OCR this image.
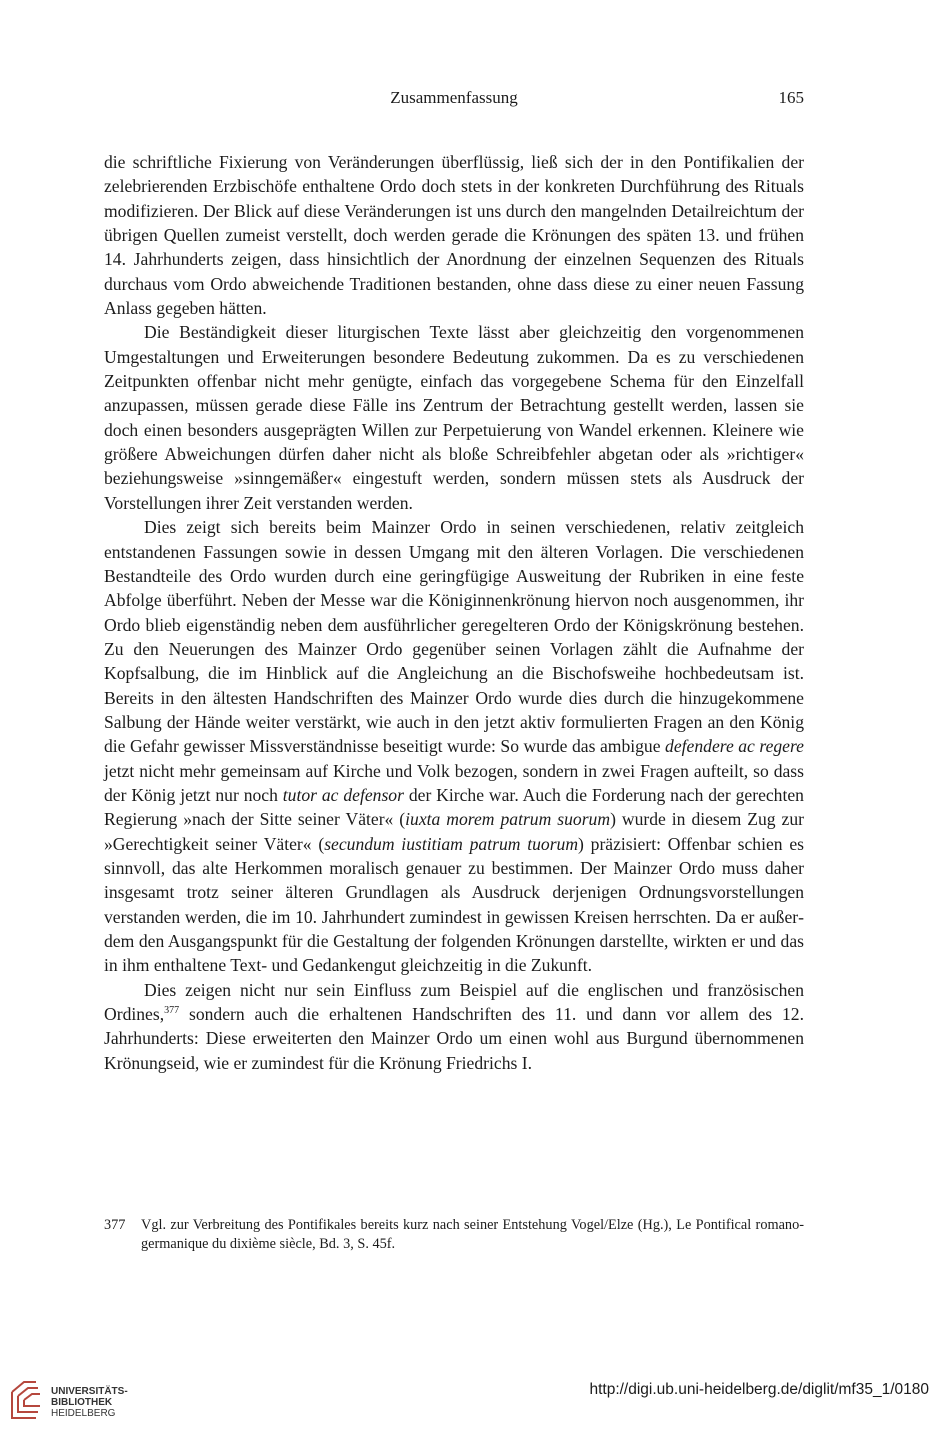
Zusammenfassung	165

die schriftliche Fixierung von Veränderungen überflüssig, ließ sich der in den Pontifikalien der zelebrierenden Erzbischöfe enthaltene Ordo doch stets in der konkreten Durchführung des Rituals modifizieren. Der Blick auf diese Veränderungen ist uns durch den mangelnden Detailreichtum der übrigen Quellen zumeist verstellt, doch werden gerade die Krönungen des späten 13. und frühen 14. Jahrhunderts zeigen, dass hinsichtlich der Anordnung der einzelnen Sequenzen des Rituals durchaus vom Ordo abweichende Traditionen bestanden, ohne dass diese zu einer neuen Fassung Anlass gegeben hätten.

Die Beständigkeit dieser liturgischen Texte lässt aber gleichzeitig den vorgenommenen Umgestaltungen und Erweiterungen besondere Bedeutung zukommen. Da es zu verschiedenen Zeitpunkten offenbar nicht mehr genügte, einfach das vorgegebene Schema für den Einzelfall anzupassen, müssen gerade diese Fälle ins Zentrum der Betrachtung gestellt werden, lassen sie doch einen besonders ausgeprägten Willen zur Perpetuierung von Wandel erkennen. Kleinere wie größere Abweichungen dürfen daher nicht als bloße Schreibfehler abgetan oder als »richtiger« beziehungsweise »sinngemäßer« eingestuft werden, sondern müssen stets als Ausdruck der Vorstellungen ihrer Zeit verstanden werden.

Dies zeigt sich bereits beim Mainzer Ordo in seinen verschiedenen, relativ zeitgleich entstandenen Fassungen sowie in dessen Umgang mit den älteren Vorlagen. Die verschiedenen Bestandteile des Ordo wurden durch eine geringfügige Ausweitung der Rubriken in eine feste Abfolge überführt. Neben der Messe war die Königinnenkrönung hiervon noch ausgenommen, ihr Ordo blieb eigenständig neben dem ausführlicher geregelteren Ordo der Königskrönung bestehen. Zu den Neuerungen des Mainzer Ordo gegenüber seinen Vorlagen zählt die Aufnahme der Kopfsalbung, die im Hinblick auf die Angleichung an die Bischofsweihe hochbedeutsam ist. Bereits in den ältesten Handschriften des Mainzer Ordo wurde dies durch die hinzugekommene Salbung der Hände weiter verstärkt, wie auch in den jetzt aktiv formulierten Fragen an den König die Gefahr gewisser Missverständnisse beseitigt wurde: So wurde das ambigue defendere ac regere jetzt nicht mehr gemeinsam auf Kirche und Volk bezogen, sondern in zwei Fragen aufteilt, so dass der König jetzt nur noch tutor ac defensor der Kirche war. Auch die Forderung nach der gerechten Regierung »nach der Sitte seiner Väter« (iuxta morem patrum suorum) wurde in diesem Zug zur »Gerechtigkeit seiner Väter« (secundum iustitiam patrum tuorum) präzisiert: Offenbar schien es sinnvoll, das alte Herkommen moralisch genauer zu bestimmen. Der Mainzer Ordo muss daher insgesamt trotz seiner älteren Grundlagen als Ausdruck derjenigen Ordnungsvorstellungen verstanden werden, die im 10. Jahrhundert zumindest in gewissen Kreisen herrschten. Da er außerdem den Ausgangspunkt für die Gestaltung der folgenden Krönungen darstellte, wirkten er und das in ihm enthaltene Text- und Gedankengut gleichzeitig in die Zukunft.

Dies zeigen nicht nur sein Einfluss zum Beispiel auf die englischen und französischen Ordines,$^{377}$ sondern auch die erhaltenen Handschriften des 11. und dann vor allem des 12. Jahrhunderts: Diese erweiterten den Mainzer Ordo um einen wohl aus Burgund übernommenen Krönungseid, wie er zumindest für die Krönung Friedrichs I.

377 Vgl. zur Verbreitung des Pontifikales bereits kurz nach seiner Entstehung Vogel/Elze (Hg.), Le Pontifical romano-germanique du dixième siècle, Bd. 3, S. 45f.
UNIVERSITÄTS-
BIBLIOTHEK
HEIDELBERG
http://digi.ub.uni-heidelberg.de/diglit/mf35_1/0180
